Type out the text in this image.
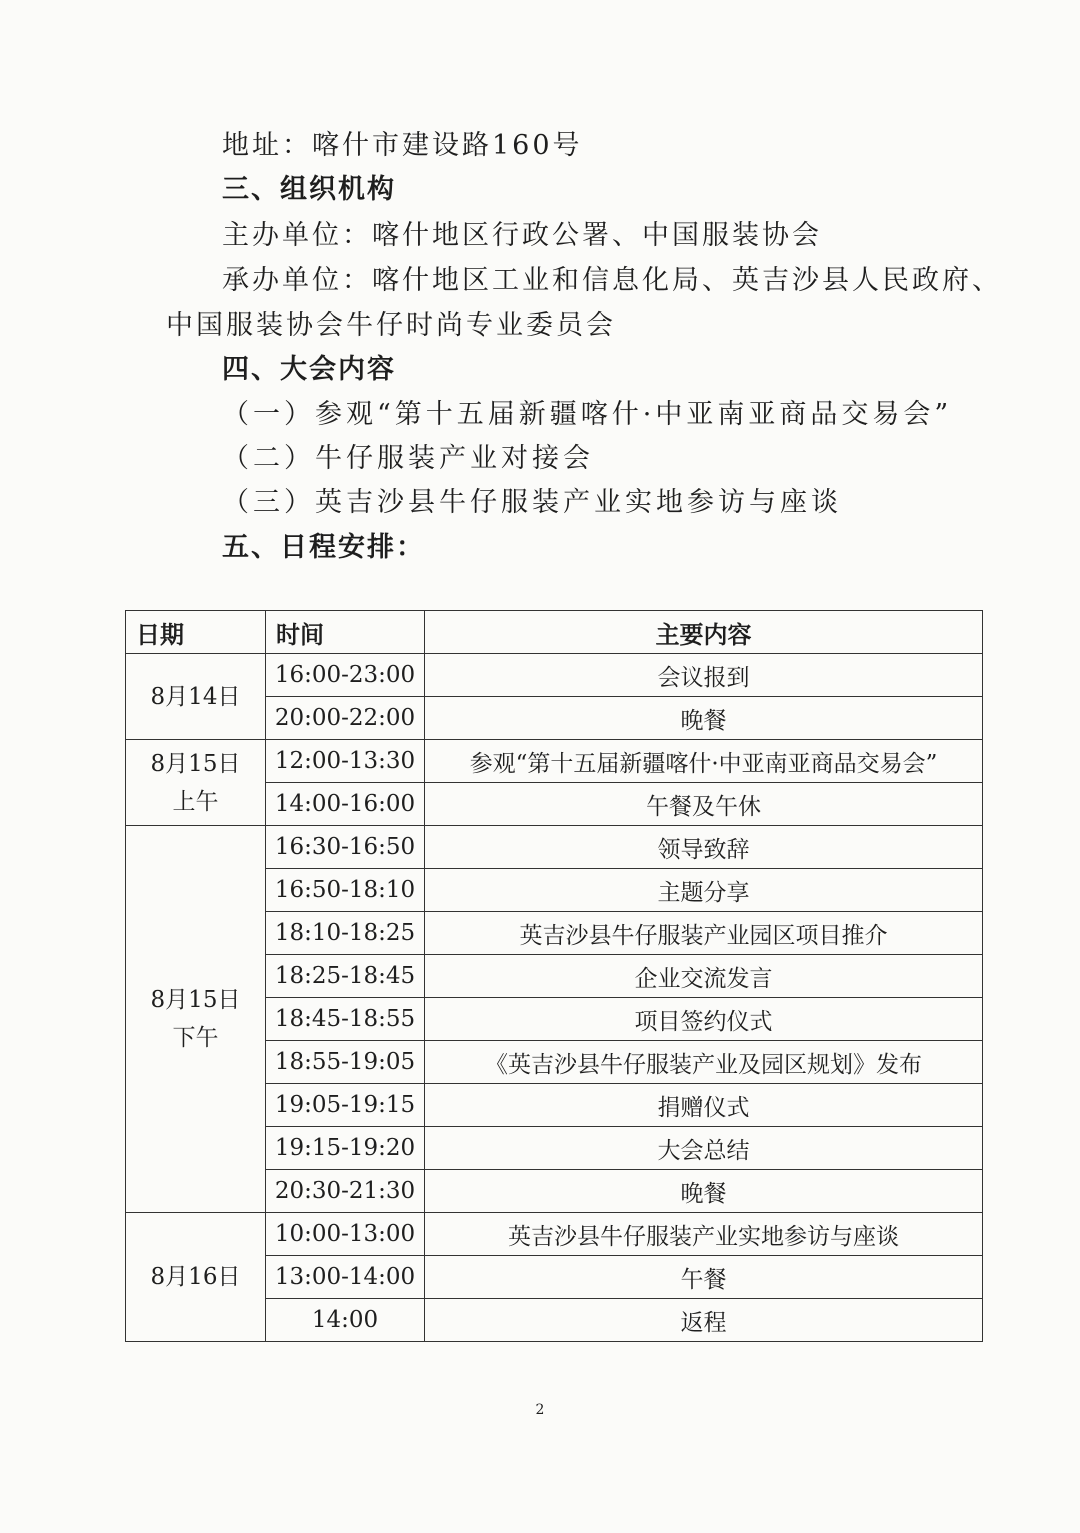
地址：喀什市建设路160号
三、组织机构
主办单位：喀什地区行政公署、中国服装协会
承办单位：喀什地区工业和信息化局、英吉沙县人民政府、
中国服装协会牛仔时尚专业委员会
四、大会内容
（一）参观“第十五届新疆喀什·中亚南亚商品交易会”
（二）牛仔服装产业对接会
（三）英吉沙县牛仔服装产业实地参访与座谈
五、日程安排：
日期	时间	主要内容

8月14日	16:00-23:00	会议报到
	20:00-22:00	晚餐

8月15日
上午	12:00-13:30	参观“第十五届新疆喀什·中亚南亚商品交易会”
	14:00-16:00	午餐及午休

8月15日
下午	16:30-16:50	领导致辞
	16:50-18:10	主题分享
	18:10-18:25	英吉沙县牛仔服装产业园区项目推介
	18:25-18:45	企业交流发言
	18:45-18:55	项目签约仪式
	18:55-19:05	《英吉沙县牛仔服装产业及园区规划》发布
	19:05-19:15	捐赠仪式
	19:15-19:20	大会总结
	20:30-21:30	晚餐

8月16日	10:00-13:00	英吉沙县牛仔服装产业实地参访与座谈
	13:00-14:00	午餐
	14:00	返程
2
